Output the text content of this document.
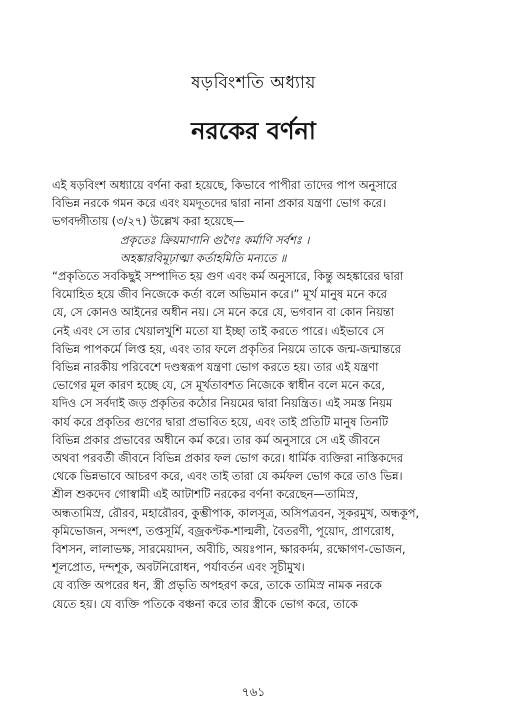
ষড়বিংশতি অধ্যায়
নরকের বর্ণনা

এই ষড়বিংশ অধ্যায়ে বর্ণনা করা হয়েছে, কিভাবে পাপীরা তাদের পাপ অনুসারে

বিভিন্ন নরকে গমন করে এবং যমদূতদের দ্বারা নানা প্রকার যন্ত্রণা ভোগ করে।

ভগবদ্গীতায় (৩/২৭) উল্লেখ করা হয়েছে—

প্রকৃতেঃ ক্রিয়মাণানি গুণৈঃ কর্মাণি সর্বশঃ ।

অহঙ্কারবিমূঢ়াত্মা কর্তাহমিতি মন্যতে ॥

“প্রকৃতিতে সবকিছুই সম্পাদিত হয় গুণ এবং কর্ম অনুসারে, কিন্তু অহঙ্কারের দ্বারা

বিমোহিত হয়ে জীব নিজেকে কর্তা বলে অভিমান করে।” মূর্খ মানুষ মনে করে

যে, সে কোনও আইনের অধীন নয়। সে মনে করে যে, ভগবান বা কোন নিয়ন্তা

নেই এবং সে তার খেয়ালখুশি মতো যা ইচ্ছা তাই করতে পারে। এইভাবে সে

বিভিন্ন পাপকর্মে লিপ্ত হয়, এবং তার ফলে প্রকৃতির নিয়মে তাকে জন্ম-জন্মান্তরে

বিভিন্ন নারকীয় পরিবেশে দণ্ডস্বরূপ যন্ত্রণা ভোগ করতে হয়। তার এই যন্ত্রণা

ভোগের মূল কারণ হচ্ছে যে, সে মূর্খতাবশত নিজেকে স্বাধীন বলে মনে করে,

যদিও সে সর্বদাই জড় প্রকৃতির কঠোর নিয়মের দ্বারা নিয়ন্ত্রিত। এই সমস্ত নিয়ম

কার্য করে প্রকৃতির গুণের দ্বারা প্রভাবিত হয়ে, এবং তাই প্রতিটি মানুষ তিনটি

বিভিন্ন প্রকার প্রভাবের অধীনে কর্ম করে। তার কর্ম অনুসারে সে এই জীবনে

অথবা পরবর্তী জীবনে বিভিন্ন প্রকার ফল ভোগ করে। ধার্মিক ব্যক্তিরা নাস্তিকদের

থেকে ভিন্নভাবে আচরণ করে, এবং তাই তারা যে কর্মফল ভোগ করে তাও ভিন্ন।

শ্রীল শুকদেব গোস্বামী এই আটাশটি নরকের বর্ণনা করেছেন—তামিস্র,

অন্ধতামিস্র, রৌরব, মহারৌরব, কুম্ভীপাক, কালসূত্র, অসিপত্রবন, সূকরমুখ, অন্ধকূপ,

কৃমিভোজন, সন্দংশ, তপ্তসূর্মি, বজ্রকণ্টক-শাল্মলী, বৈতরণী, পূয়োদ, প্রাণরোধ,

বিশসন, লালাভক্ষ, সারমেয়াদন, অবীচি, অয়ঃপান, ক্ষারকর্দম, রক্ষোগণ-ভোজন,

শূলপ্রোত, দন্দশূক, অবটনিরোধন, পর্যাবর্তন এবং সূচীমুখ।

যে ব্যক্তি অপরের ধন, স্ত্রী প্রভৃতি অপহরণ করে, তাকে তামিস্র নামক নরকে

যেতে হয়। যে ব্যক্তি পতিকে বঞ্চনা করে তার স্ত্রীকে ভোগ করে, তাকে

৭৬১
